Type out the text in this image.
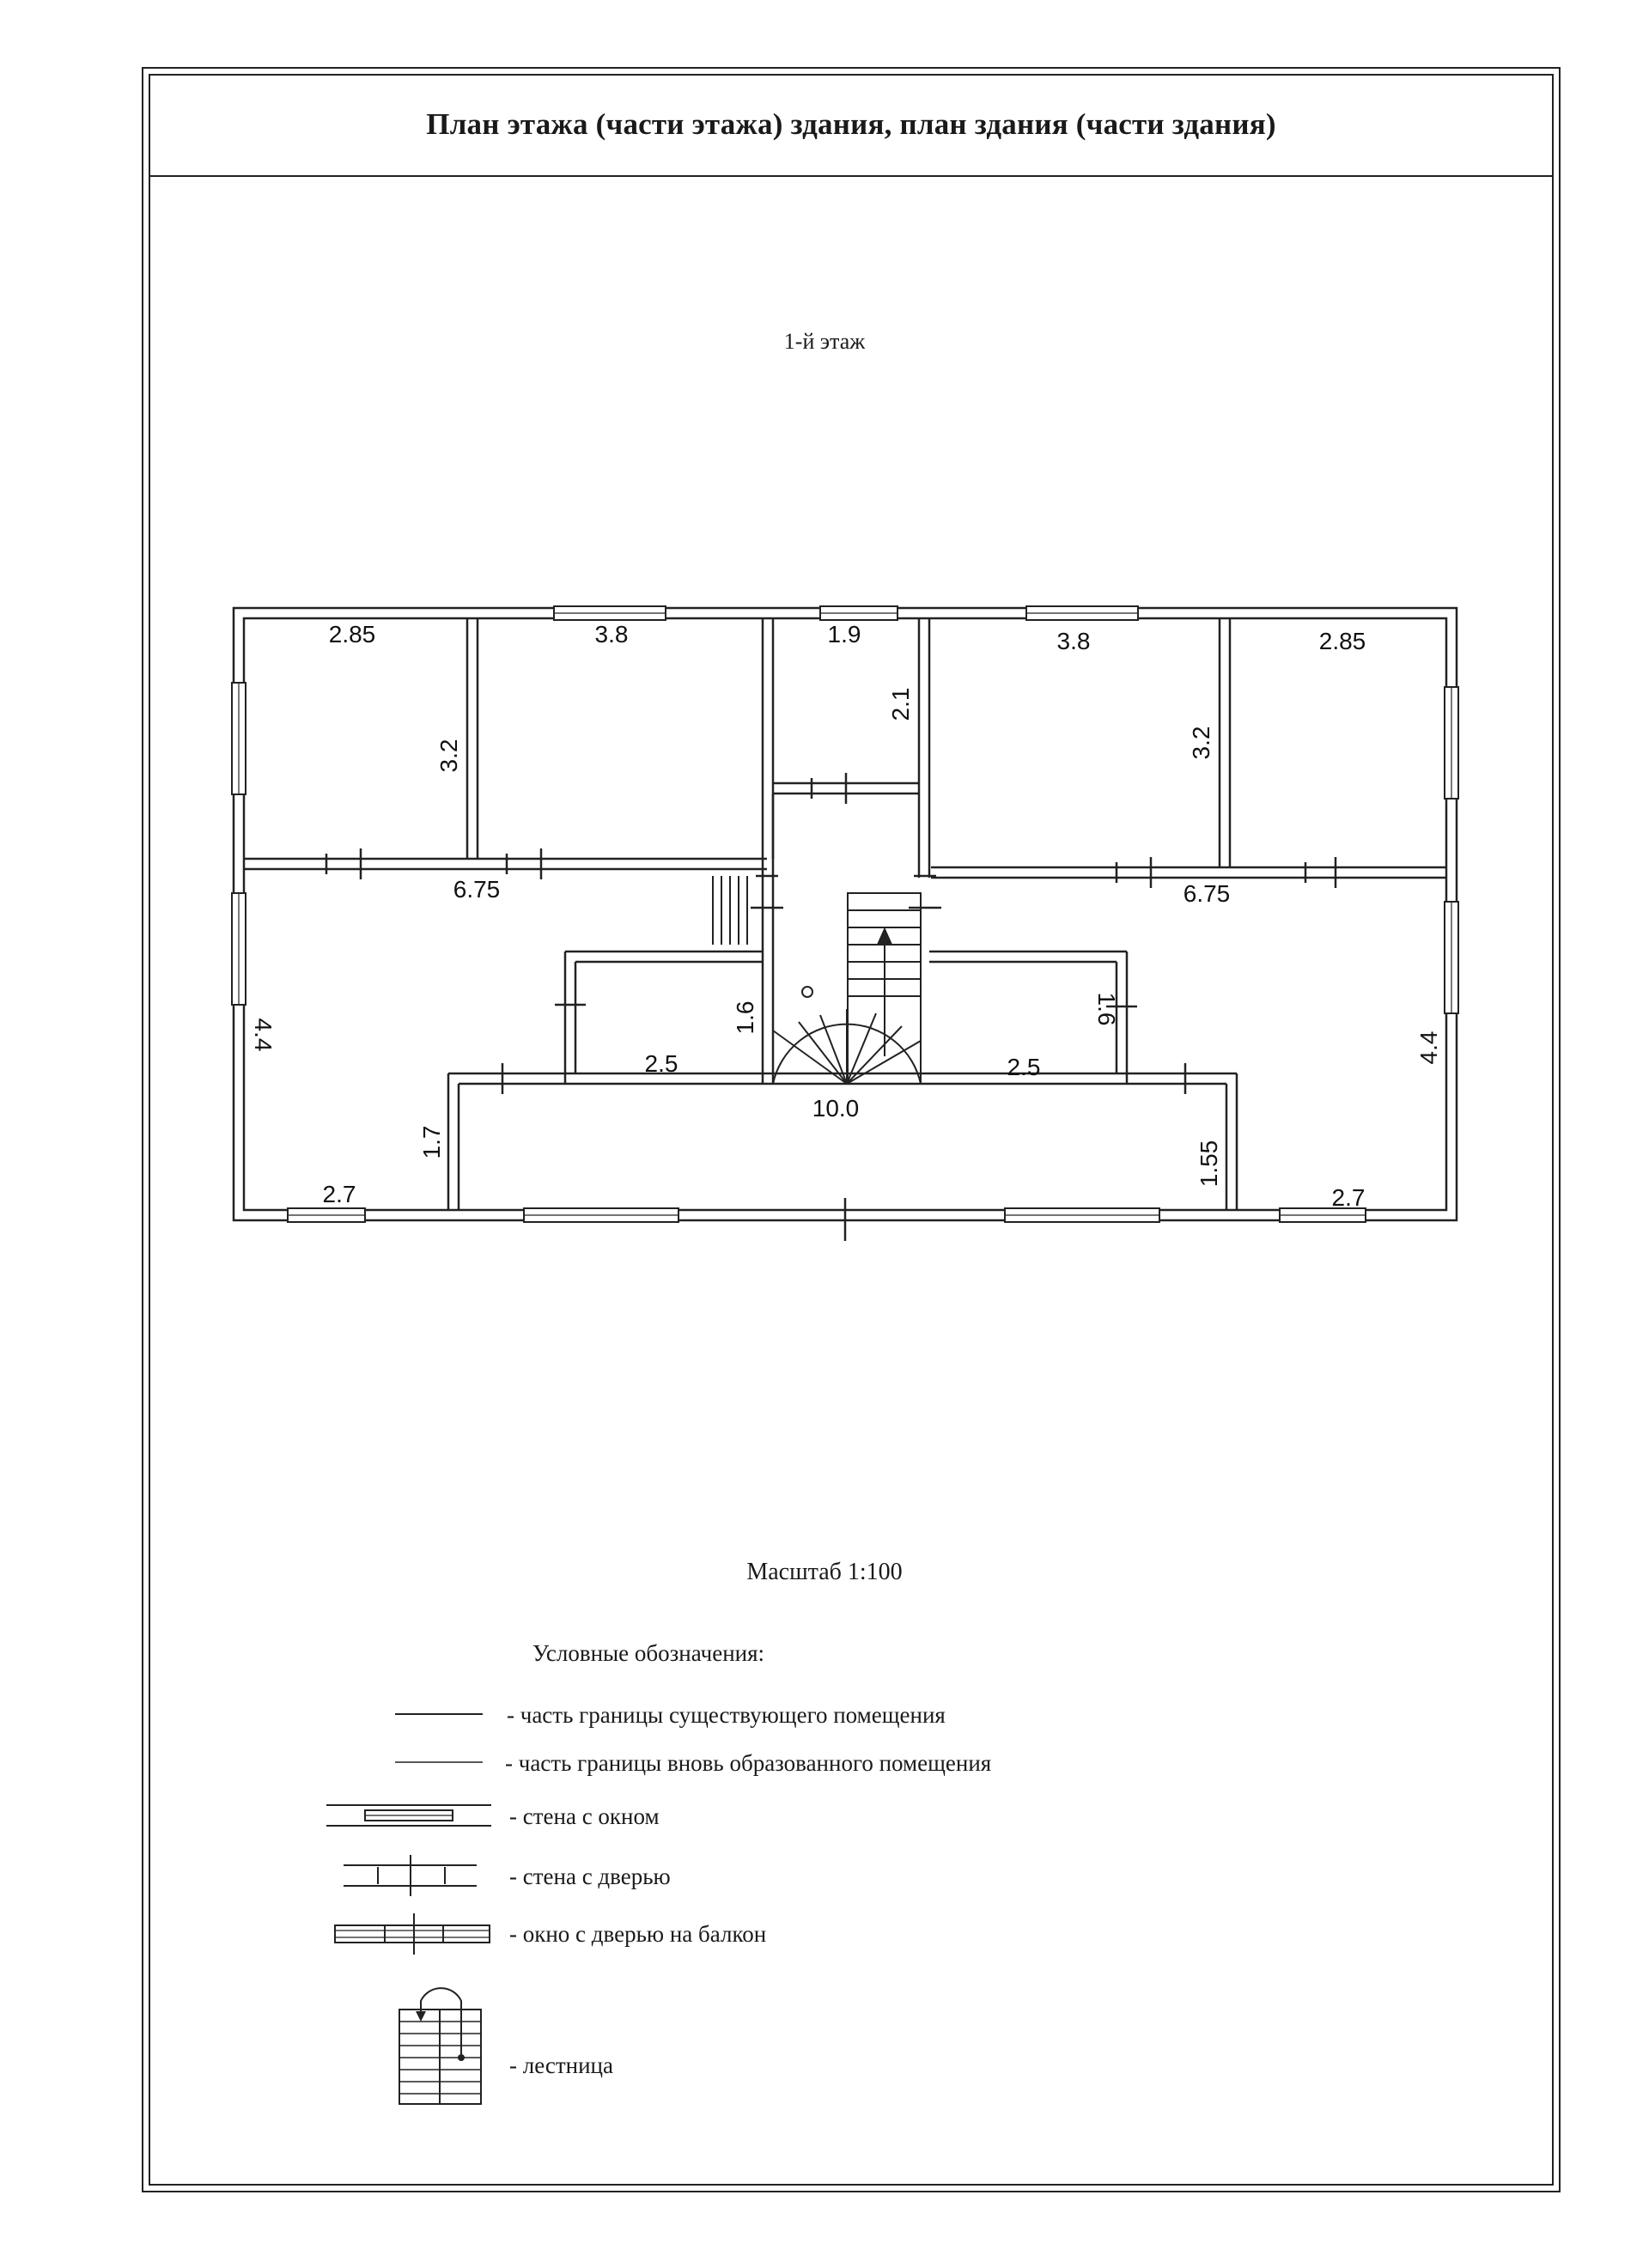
План этажа (части этажа) здания, план здания (части здания)
1-й этаж
2.85	3.8	1.9	3.8	2.85
3.2
2.1
3.2
6.75	6.75
4.4	4.4
2.5	2.5
1.6	1.6
10.0
1.7	1.55
2.7	2.7
Масштаб 1:100
Условные обозначения:
- часть границы существующего помещения
- часть границы вновь образованного помещения
- стена с окном
- стена с дверью
- окно с дверью на балкон
- лестница
